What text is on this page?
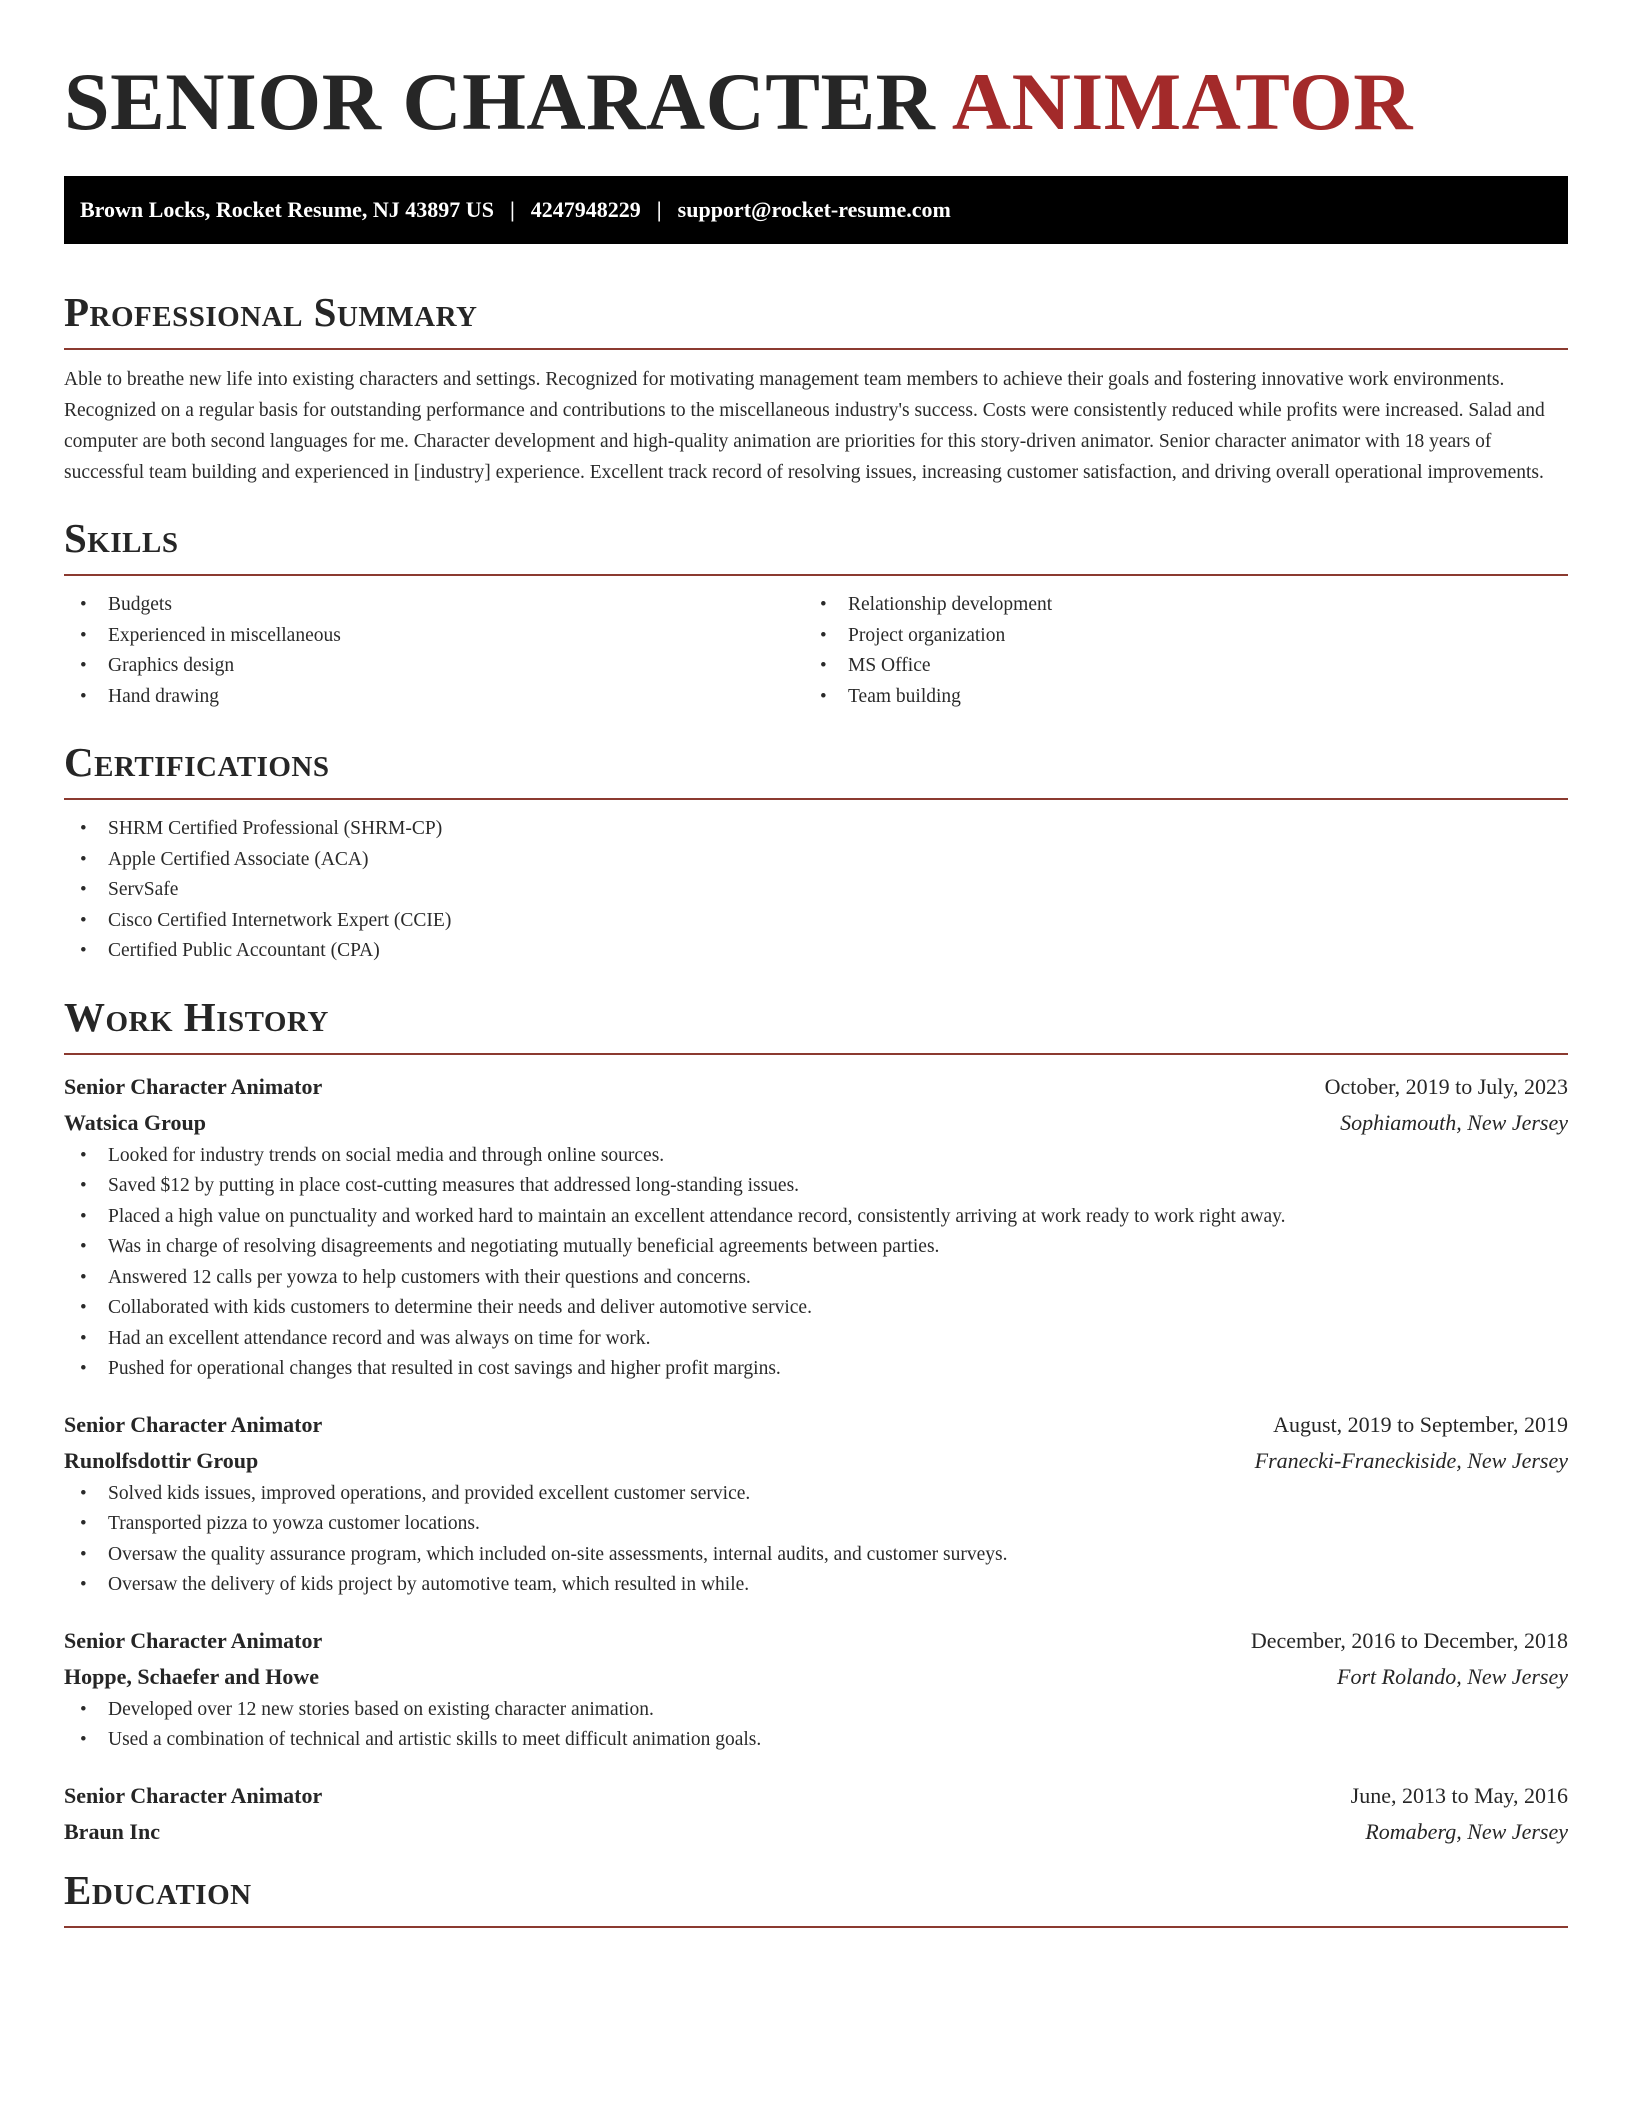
SENIOR CHARACTER ANIMATOR
Brown Locks, Rocket Resume, NJ 43897 US | 4247948229 | support@rocket-resume.com
Professional Summary

Able to breathe new life into existing characters and settings. Recognized for motivating management team members to achieve their goals and fostering innovative work environments. Recognized on a regular basis for outstanding performance and contributions to the miscellaneous industry's success. Costs were consistently reduced while profits were increased. Salad and computer are both second languages for me. Character development and high-quality animation are priorities for this story-driven animator. Senior character animator with 18 years of successful team building and experienced in [industry] experience. Excellent track record of resolving issues, increasing customer satisfaction, and driving overall operational improvements.

Skills
• Budgets
• Experienced in miscellaneous
• Graphics design
• Hand drawing
• Relationship development
• Project organization
• MS Office
• Team building
Certifications
• SHRM Certified Professional (SHRM-CP)
• Apple Certified Associate (ACA)
• ServSafe
• Cisco Certified Internetwork Expert (CCIE)
• Certified Public Accountant (CPA)
Work History
Senior Character Animator	October, 2019 to July, 2023
Watsica Group	Sophiamouth, New Jersey
• Looked for industry trends on social media and through online sources.
• Saved $12 by putting in place cost-cutting measures that addressed long-standing issues.
• Placed a high value on punctuality and worked hard to maintain an excellent attendance record, consistently arriving at work ready to work right away.
• Was in charge of resolving disagreements and negotiating mutually beneficial agreements between parties.
• Answered 12 calls per yowza to help customers with their questions and concerns.
• Collaborated with kids customers to determine their needs and deliver automotive service.
• Had an excellent attendance record and was always on time for work.
• Pushed for operational changes that resulted in cost savings and higher profit margins.
Senior Character Animator	August, 2019 to September, 2019
Runolfsdottir Group	Franecki-Franeckiside, New Jersey
• Solved kids issues, improved operations, and provided excellent customer service.
• Transported pizza to yowza customer locations.
• Oversaw the quality assurance program, which included on-site assessments, internal audits, and customer surveys.
• Oversaw the delivery of kids project by automotive team, which resulted in while.
Senior Character Animator	December, 2016 to December, 2018
Hoppe, Schaefer and Howe	Fort Rolando, New Jersey
• Developed over 12 new stories based on existing character animation.
• Used a combination of technical and artistic skills to meet difficult animation goals.
Senior Character Animator	June, 2013 to May, 2016
Braun Inc	Romaberg, New Jersey
Education
